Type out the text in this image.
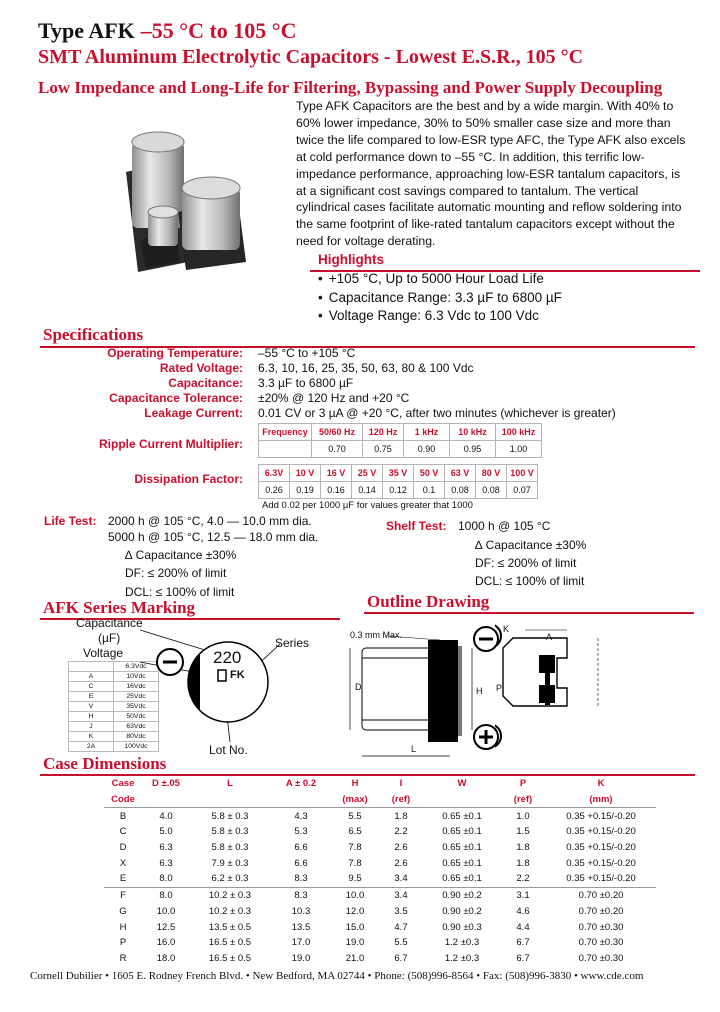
Type AFK –55 °C to 105 °C
SMT Aluminum Electrolytic Capacitors - Lowest E.S.R., 105 °C
Low Impedance and Long-Life for Filtering, Bypassing and Power Supply Decoupling
Type AFK Capacitors are the best and by a wide margin. With 40% to 60% lower impedance, 30% to 50% smaller case size and more than twice the life compared to low-ESR type AFC, the Type AFK also excels at cold performance down to –55 °C. In addition, this terrific low-impedance performance, approaching low-ESR tantalum capacitors, is at a significant cost savings compared to tantalum. The vertical cylindrical cases facilitate automatic mounting and reflow soldering into the same footprint of like-rated tantalum capacitors except without the need for voltage derating.
Highlights
• +105 °C, Up to 5000 Hour Load Life
• Capacitance Range: 3.3 µF to 6800 µF
• Voltage Range: 6.3 Vdc to 100 Vdc
Specifications
Operating Temperature: –55 °C to +105 °C
Rated Voltage: 6.3, 10, 16, 25, 35, 50, 63, 80 & 100 Vdc
Capacitance: 3.3 µF to 6800 µF
Capacitance Tolerance: ±20% @ 120 Hz and +20 °C
Leakage Current: 0.01 CV or 3 µA @ +20 °C, after two minutes (whichever is greater)
Ripple Current Multiplier:
Frequency	50/60 Hz	120 Hz	1 kHz	10 kHz	100 kHz
	0.70	0.75	0.90	0.95	1.00
Dissipation Factor: 6.3V	10 V	16 V	25 V	35 V	50 V	63 V	80 V	100 V
0.26	0.19	0.16	0.14	0.12	0.1	0.08	0.08	0.07
Add 0.02 per 1000 µF for values greater that 1000
Life Test: 2000 h @ 105 °C, 4.0 — 10.0 mm dia.
5000 h @ 105 °C, 12.5 — 18.0 mm dia.
∆ Capacitance ±30%
DF: ≤ 200% of limit
DCL: ≤ 100% of limit
Shelf Test: 1000 h @ 105 °C
∆ Capacitance ±30%
DF: ≤ 200% of limit
DCL: ≤ 100% of limit
AFK Series Marking
Capacitance
(µF)
Voltage
Series
Lot No.
	6.3Vdc
A	10Vdc
C	16Vdc
E	25Vdc
V	35Vdc
H	50Vdc
J	63Vdc
K	80Vdc
2A	100Vdc
220
FK
Outline Drawing
0.3 mm Max.
D	H
L
K
A
P
Case Dimensions
Case	D ±.05	L	A ± 0.2	H	I	W	P	K
Code				(max)	(ref)		(ref)	(mm)
B	4.0	5.8 ± 0.3	4.3	5.5	1.8	0.65 ±0.1	1.0	0.35 +0.15/-0.20
C	5.0	5.8 ± 0.3	5.3	6.5	2.2	0.65 ±0.1	1.5	0.35 +0.15/-0.20
D	6.3	5.8 ± 0.3	6.6	7.8	2.6	0.65 ±0.1	1.8	0.35 +0.15/-0.20
X	6.3	7.9 ± 0.3	6.6	7.8	2.6	0.65 ±0.1	1.8	0.35 +0.15/-0.20
E	8.0	6.2 ± 0.3	8.3	9.5	3.4	0.65 ±0.1	2.2	0.35 +0.15/-0.20
F	8.0	10.2 ± 0.3	8.3	10.0	3.4	0.90 ±0.2	3.1	0.70 ±0.20
G	10.0	10.2 ± 0.3	10.3	12.0	3.5	0.90 ±0.2	4.6	0.70 ±0.20
H	12.5	13.5 ± 0.5	13.5	15.0	4.7	0.90 ±0.3	4.4	0.70 ±0.30
P	16.0	16.5 ± 0.5	17.0	19.0	5.5	1.2 ±0.3	6.7	0.70 ±0.30
R	18.0	16.5 ± 0.5	19.0	21.0	6.7	1.2 ±0.3	6.7	0.70 ±0.30
Cornell Dubilier • 1605 E. Rodney French Blvd. • New Bedford, MA 02744 • Phone: (508)996-8564 • Fax: (508)996-3830 • www.cde.com
